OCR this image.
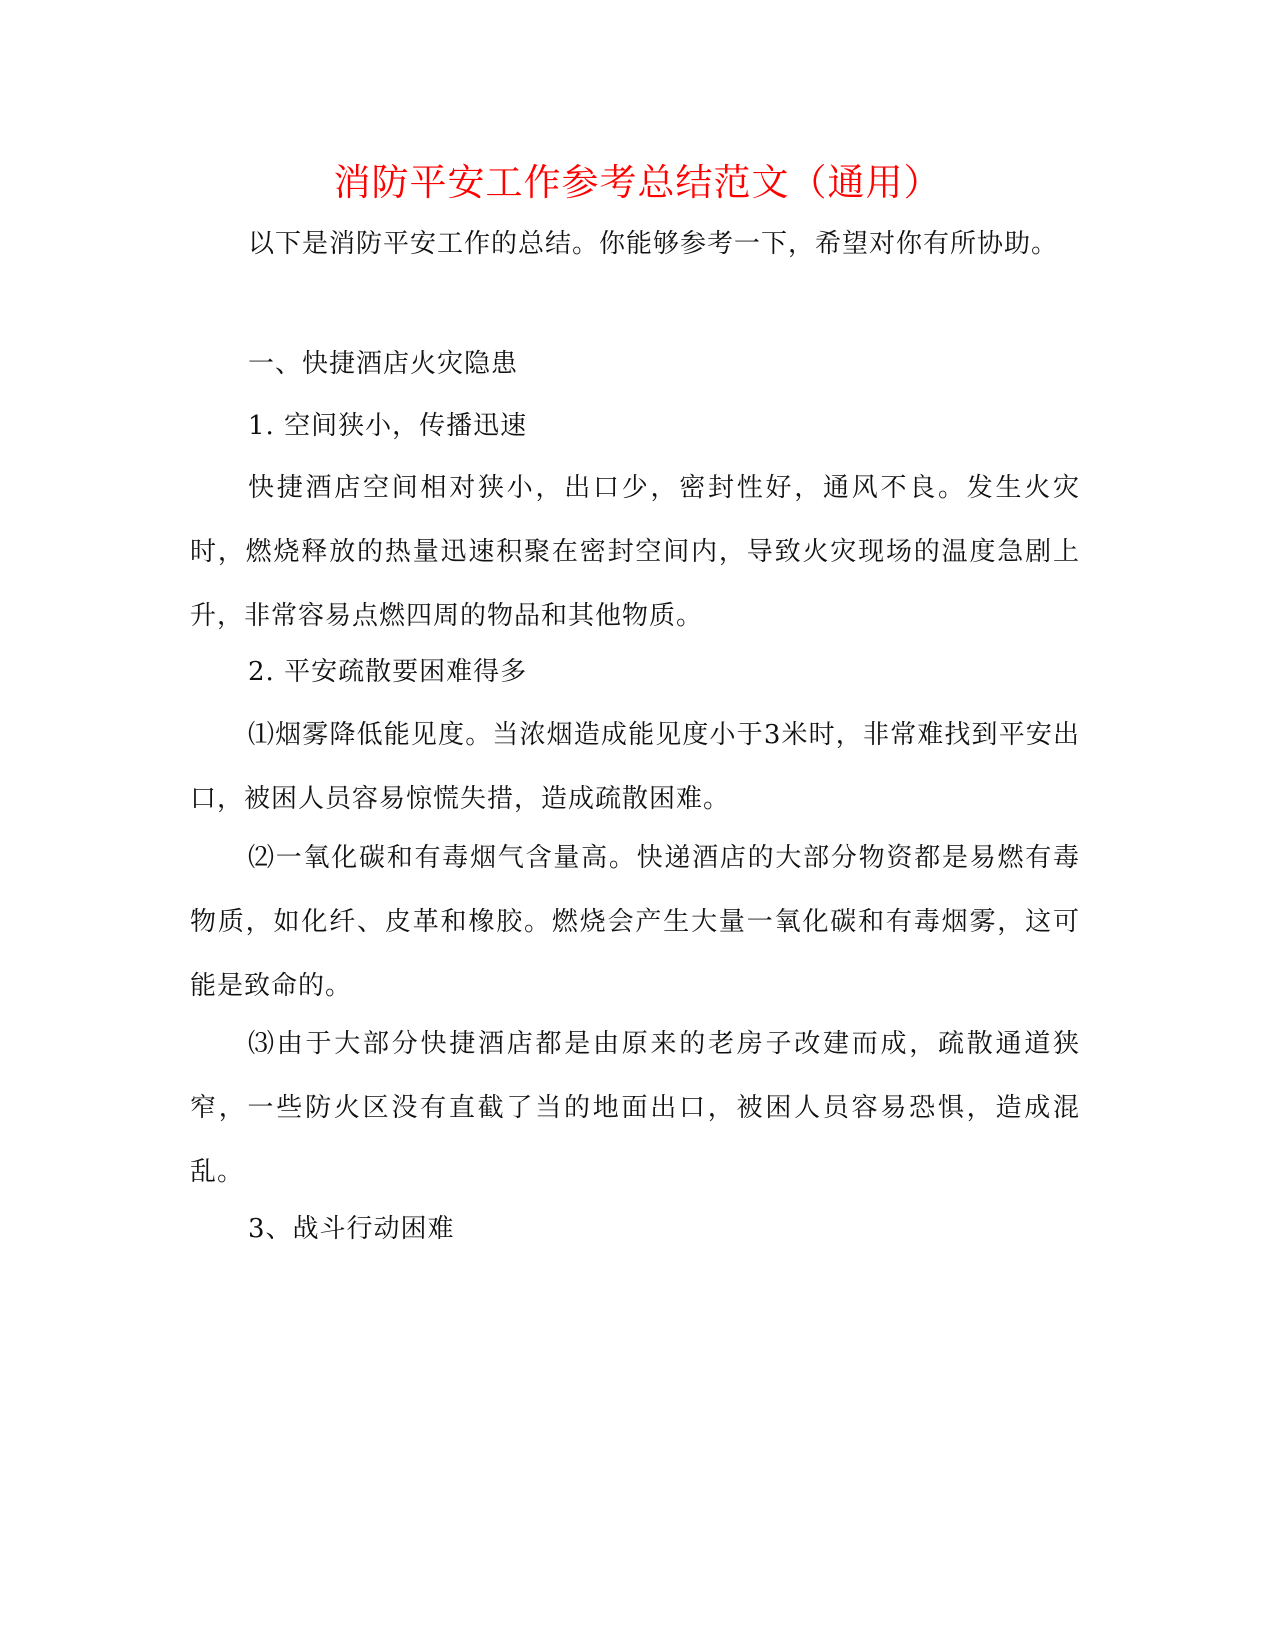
消防平安工作参考总结范文（通用）

以下是消防平安工作的总结。你能够参考一下，希望对你有所协助。

一、快捷酒店火灾隐患

1. 空间狭小，传播迅速

快捷酒店空间相对狭小，出口少，密封性好，通风不良。发生火灾时，燃烧释放的热量迅速积聚在密封空间内，导致火灾现场的温度急剧上升，非常容易点燃四周的物品和其他物质。

2. 平安疏散要困难得多

⑴烟雾降低能见度。当浓烟造成能见度小于3米时，非常难找到平安出口，被困人员容易惊慌失措，造成疏散困难。

⑵一氧化碳和有毒烟气含量高。快递酒店的大部分物资都是易燃有毒物质，如化纤、皮革和橡胶。燃烧会产生大量一氧化碳和有毒烟雾，这可能是致命的。

⑶由于大部分快捷酒店都是由原来的老房子改建而成，疏散通道狭窄，一些防火区没有直截了当的地面出口，被困人员容易恐惧，造成混乱。

3、战斗行动困难
